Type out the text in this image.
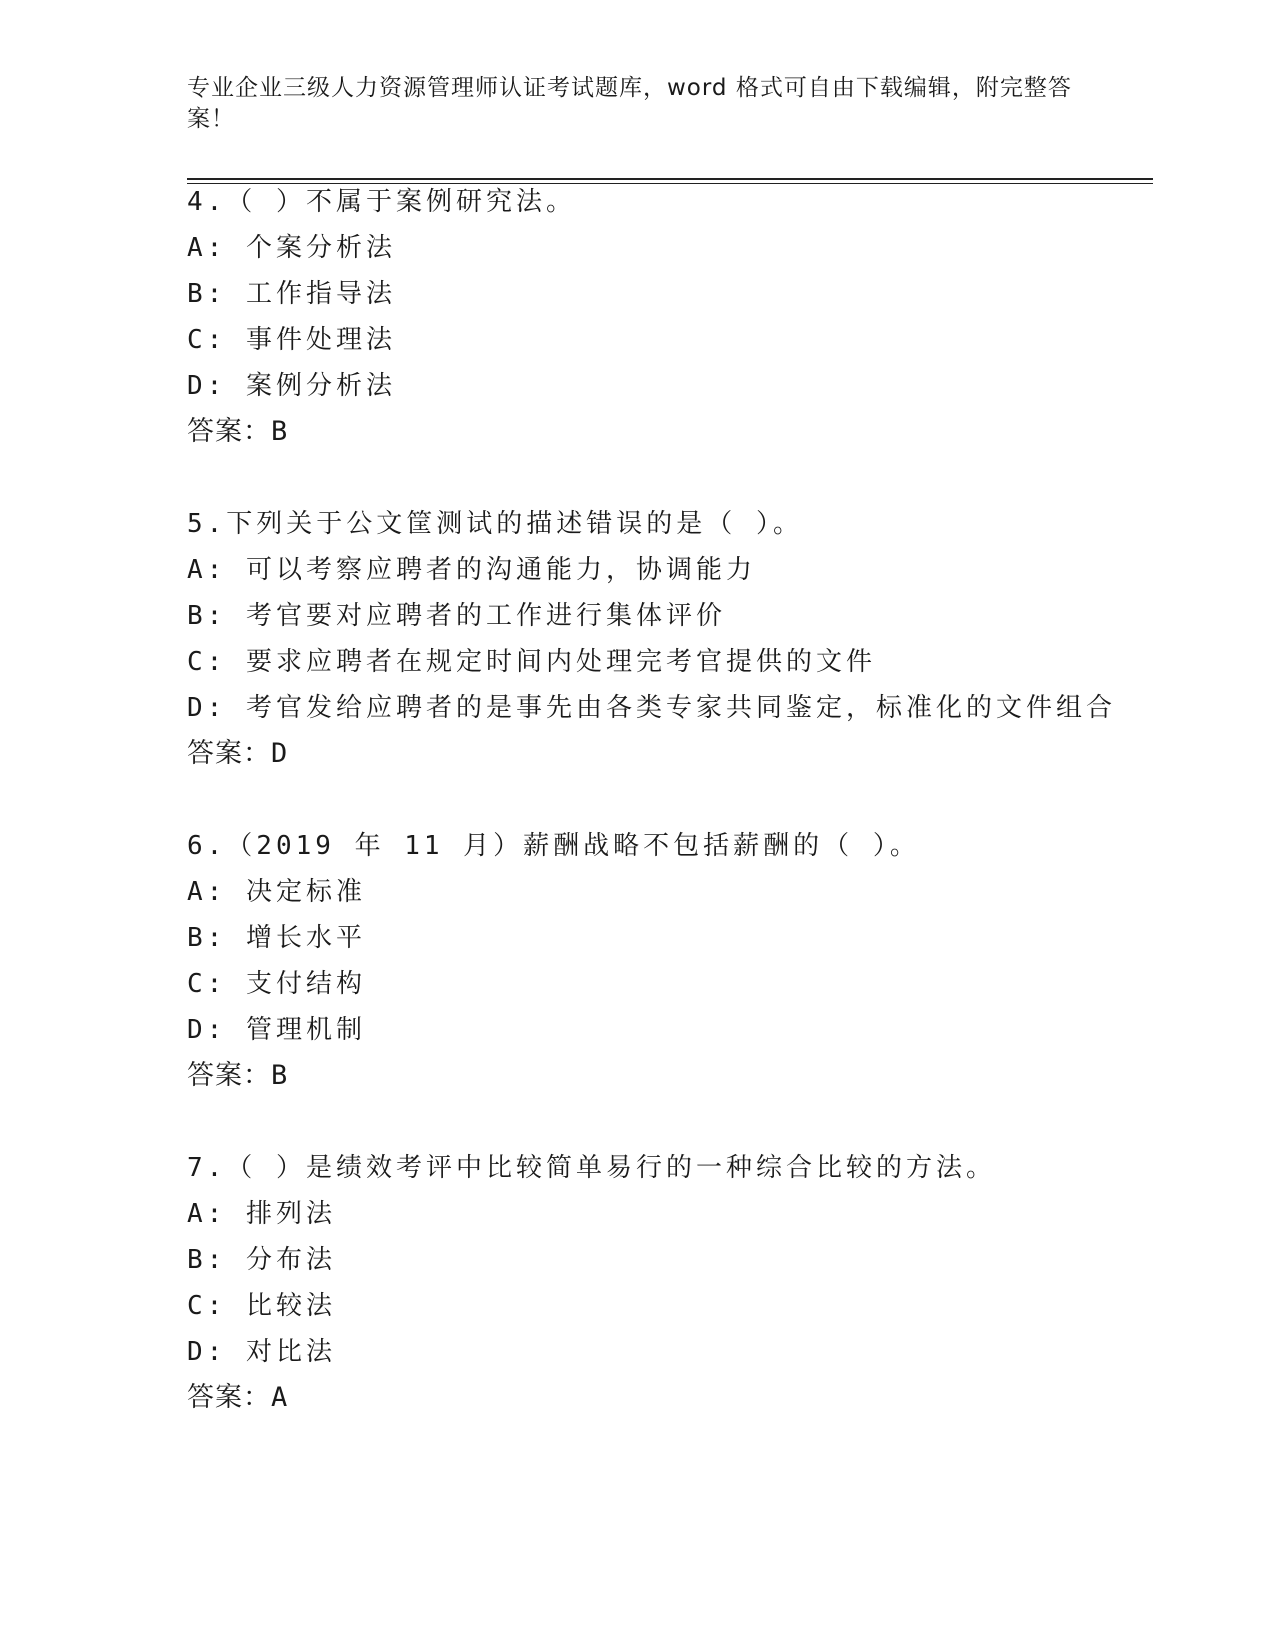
专业企业三级人力资源管理师认证考试题库，word 格式可自由下载编辑，附完整答案！
4.（ ）不属于案例研究法。
A: 个案分析法
B: 工作指导法
C: 事件处理法
D: 案例分析法
答案：B
5.下列关于公文筐测试的描述错误的是（ ）。
A: 可以考察应聘者的沟通能力，协调能力
B: 考官要对应聘者的工作进行集体评价
C: 要求应聘者在规定时间内处理完考官提供的文件
D: 考官发给应聘者的是事先由各类专家共同鉴定，标准化的文件组合
答案：D
6.（2019 年 11 月）薪酬战略不包括薪酬的（ ）。
A: 决定标准
B: 增长水平
C: 支付结构
D: 管理机制
答案：B
7.（ ）是绩效考评中比较简单易行的一种综合比较的方法。
A: 排列法
B: 分布法
C: 比较法
D: 对比法
答案：A
